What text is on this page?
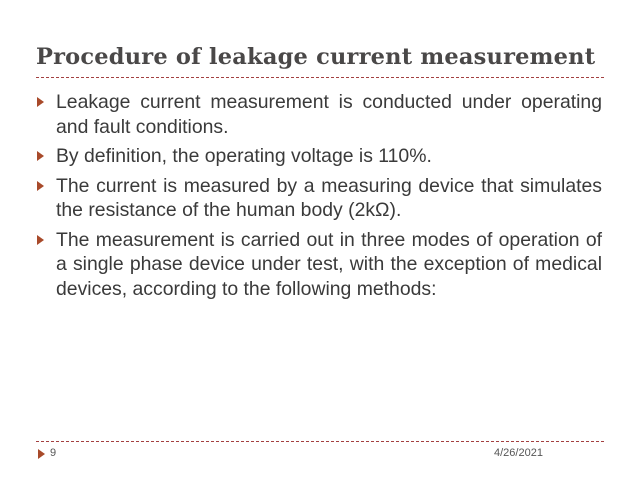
Procedure of leakage current measurement
Leakage current measurement is conducted under operating and fault conditions.
By definition, the operating voltage is 110%.
The current is measured by a measuring device that simulates the resistance of the human body (2kΩ).
The measurement is carried out in three modes of operation of a single phase device under test, with the exception of medical devices, according to the following methods:
9	4/26/2021
